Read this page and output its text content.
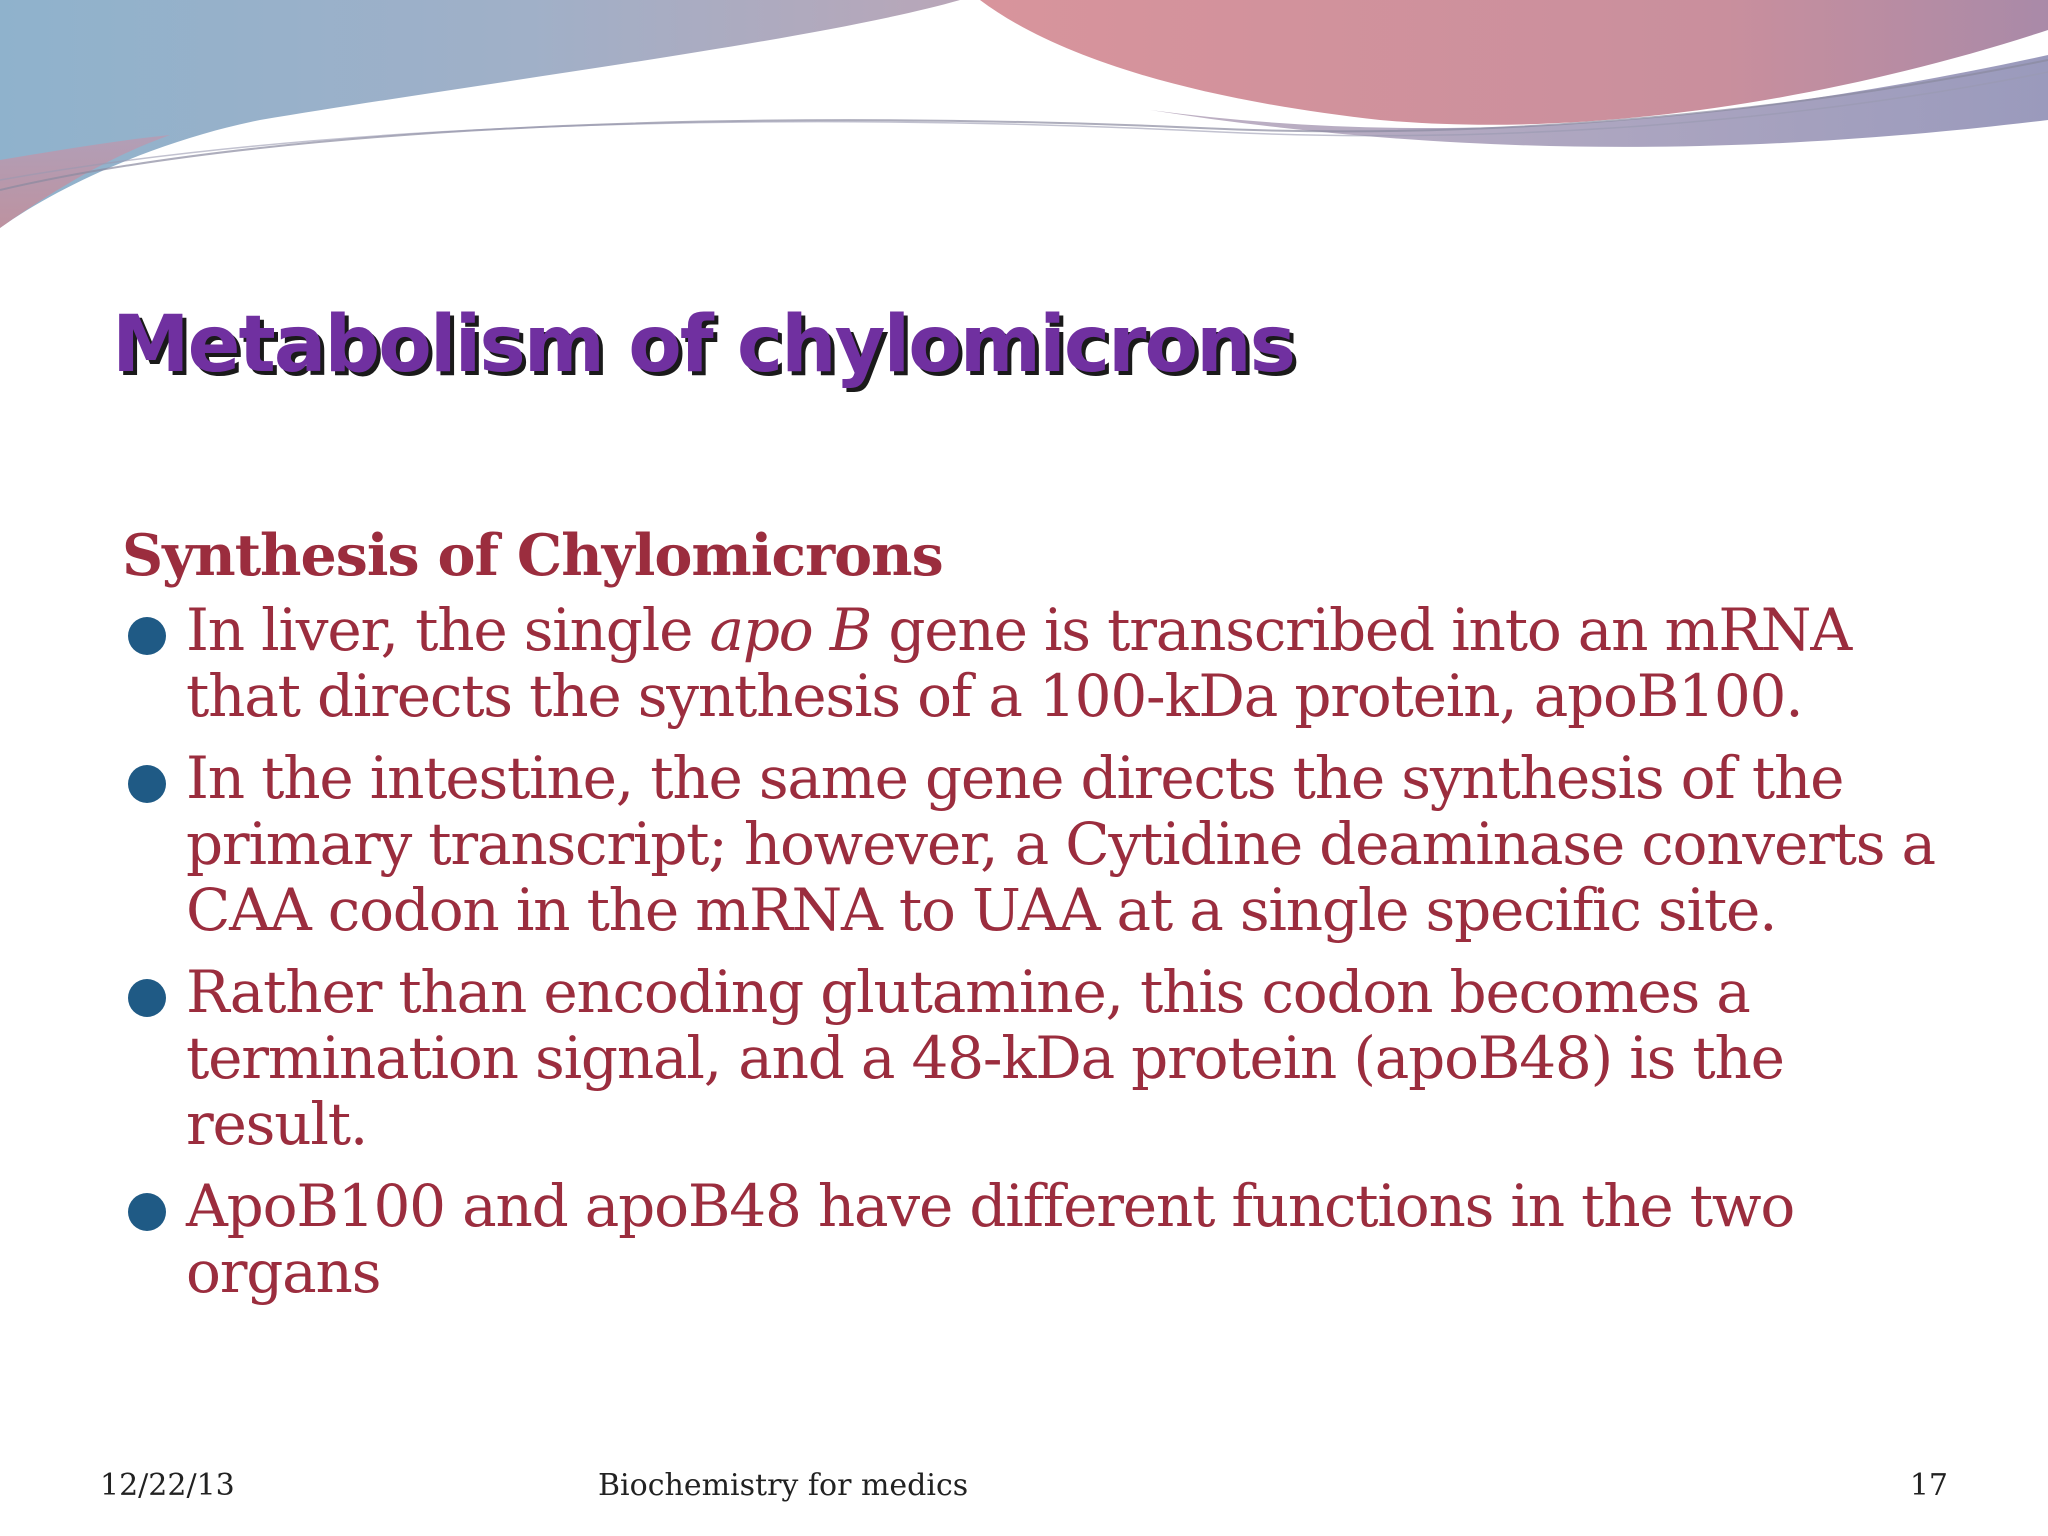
Metabolism of chylomicrons
Synthesis of Chylomicrons
In liver, the single apo B gene is transcribed into an mRNA that directs the synthesis of a 100-kDa protein, apoB100.
In the intestine, the same gene directs the synthesis of the primary transcript; however, a Cytidine deaminase converts a CAA codon in the mRNA to UAA at a single specific site.
Rather than encoding glutamine, this codon becomes a termination signal, and a 48-kDa protein (apoB48) is the result.
ApoB100 and apoB48 have different functions in the two organs
12/22/13	Biochemistry for medics	17
